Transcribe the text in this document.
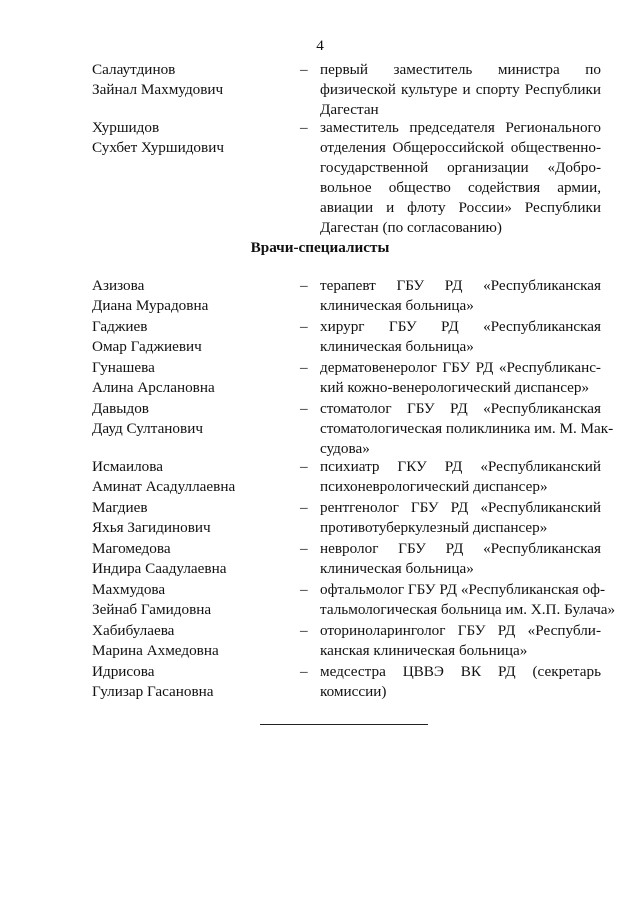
4
Врачи-специалисты
Салаутдинов
Зайнал Махмудович
– первый заместитель министра по
физической культуре и спорту Республики
Дагестан
Хуршидов
Сухбет Хуршидович
– заместитель председателя Регионального
отделения Общероссийской общественно-
государственной организации «Добро-
вольное общество содействия армии,
авиации и флоту России» Республики
Дагестан (по согласованию)
Азизова
Диана Мурадовна
– терапевт ГБУ РД «Республиканская
клиническая больница»
Гаджиев
Омар Гаджиевич
– хирург ГБУ РД «Республиканская
клиническая больница»
Гунашева
Алина Арслановна
– дерматовенеролог ГБУ РД «Республиканс-
кий кожно-венерологический диспансер»
Давыдов
Дауд Султанович
– стоматолог ГБУ РД «Республиканская
стоматологическая поликлиника им. М. Мак-
судова»
Исмаилова
Аминат Асадуллаевна
– психиатр ГКУ РД «Республиканский
психоневрологический диспансер»
Магдиев
Яхья Загидинович
– рентгенолог ГБУ РД «Республиканский
противотуберкулезный диспансер»
Магомедова
Индира Саадулаевна
– невролог ГБУ РД «Республиканская
клиническая больница»
Махмудова
Зейнаб Гамидовна
– офтальмолог ГБУ РД «Республиканская оф-
тальмологическая больница им. Х.П. Булача»
Хабибулаева
Марина Ахмедовна
– оториноларинголог ГБУ РД «Республи-
канская клиническая больница»
Идрисова
Гулизар Гасановна
– медсестра ЦВВЭ ВК РД (секретарь
комиссии)
